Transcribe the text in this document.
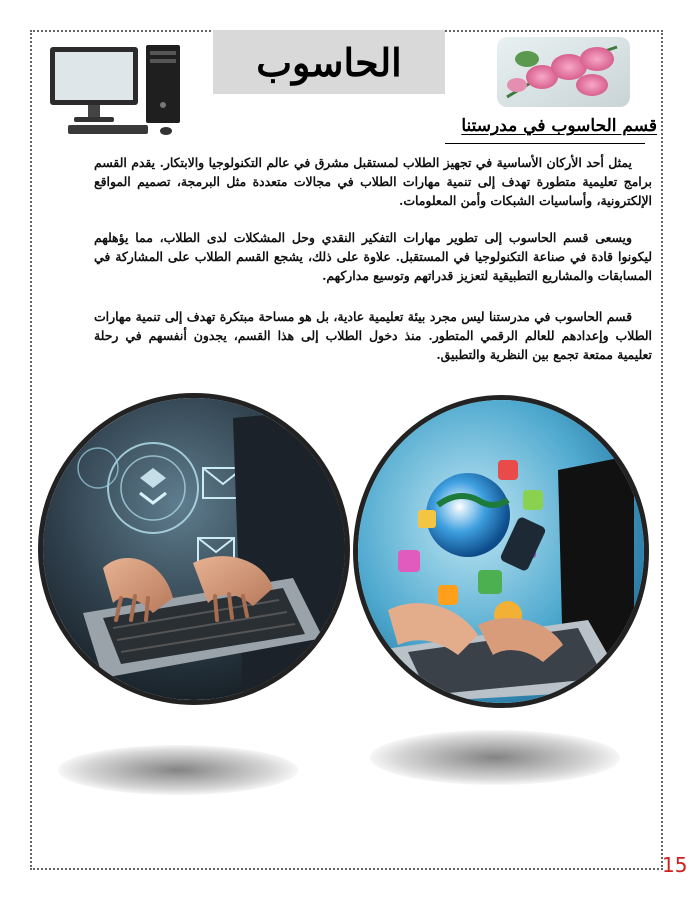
الحاسوب
قسم الحاسوب في مدرستنا

يمثل أحد الأركان الأساسية في تجهيز الطلاب لمستقبل مشرق في عالم التكنولوجيا والابتكار. يقدم القسم برامج تعليمية متطورة تهدف إلى تنمية مهارات الطلاب في مجالات متعددة مثل البرمجة، تصميم المواقع الإلكترونية، وأساسيات الشبكات وأمن المعلومات.

ويسعى قسم الحاسوب إلى تطوير مهارات التفكير النقدي وحل المشكلات لدى الطلاب، مما يؤهلهم ليكونوا قادة في صناعة التكنولوجيا في المستقبل. علاوة على ذلك، يشجع القسم الطلاب على المشاركة في المسابقات والمشاريع التطبيقية لتعزيز قدراتهم وتوسيع مداركهم.

قسم الحاسوب في مدرستنا ليس مجرد بيئة تعليمية عادية، بل هو مساحة مبتكرة تهدف إلى تنمية مهارات الطلاب وإعدادهم للعالم الرقمي المتطور. منذ دخول الطلاب إلى هذا القسم، يجدون أنفسهم في رحلة تعليمية ممتعة تجمع بين النظرية والتطبيق.

15
